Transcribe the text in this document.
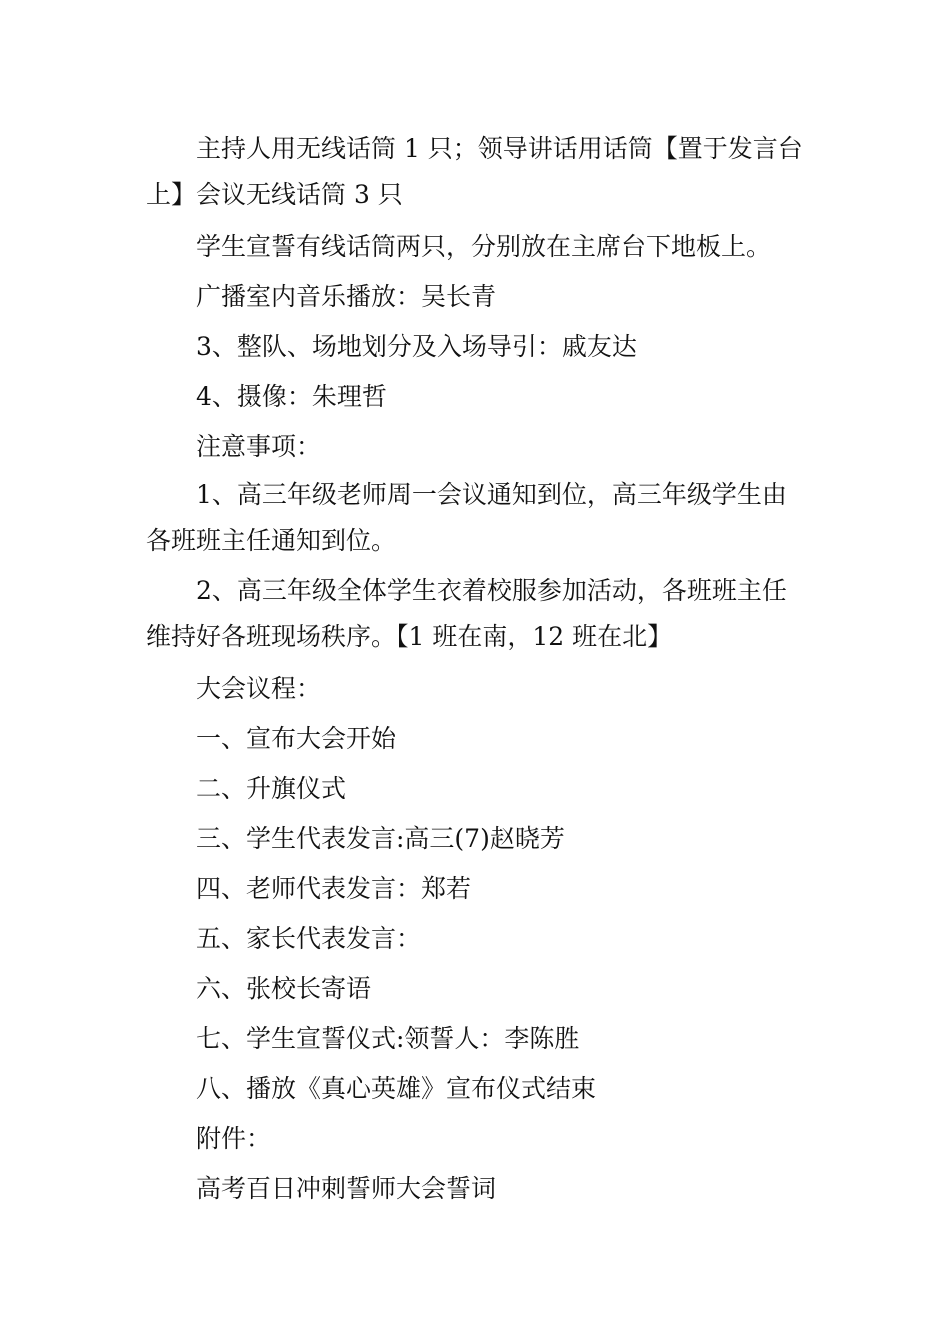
主持人用无线话筒 1 只；领导讲话用话筒【置于发言台上】会议无线话筒 3 只

学生宣誓有线话筒两只，分别放在主席台下地板上。

广播室内音乐播放：吴长青

3、整队、场地划分及入场导引：戚友达

4、摄像：朱理哲

注意事项：

1、高三年级老师周一会议通知到位，高三年级学生由各班班主任通知到位。

2、高三年级全体学生衣着校服参加活动，各班班主任维持好各班现场秩序。【1 班在南，12 班在北】

大会议程：

一、宣布大会开始

二、升旗仪式

三、学生代表发言:高三(7)赵晓芳

四、老师代表发言：郑若

五、家长代表发言：

六、张校长寄语

七、学生宣誓仪式:领誓人：李陈胜

八、播放《真心英雄》宣布仪式结束

附件：

高考百日冲刺誓师大会誓词
